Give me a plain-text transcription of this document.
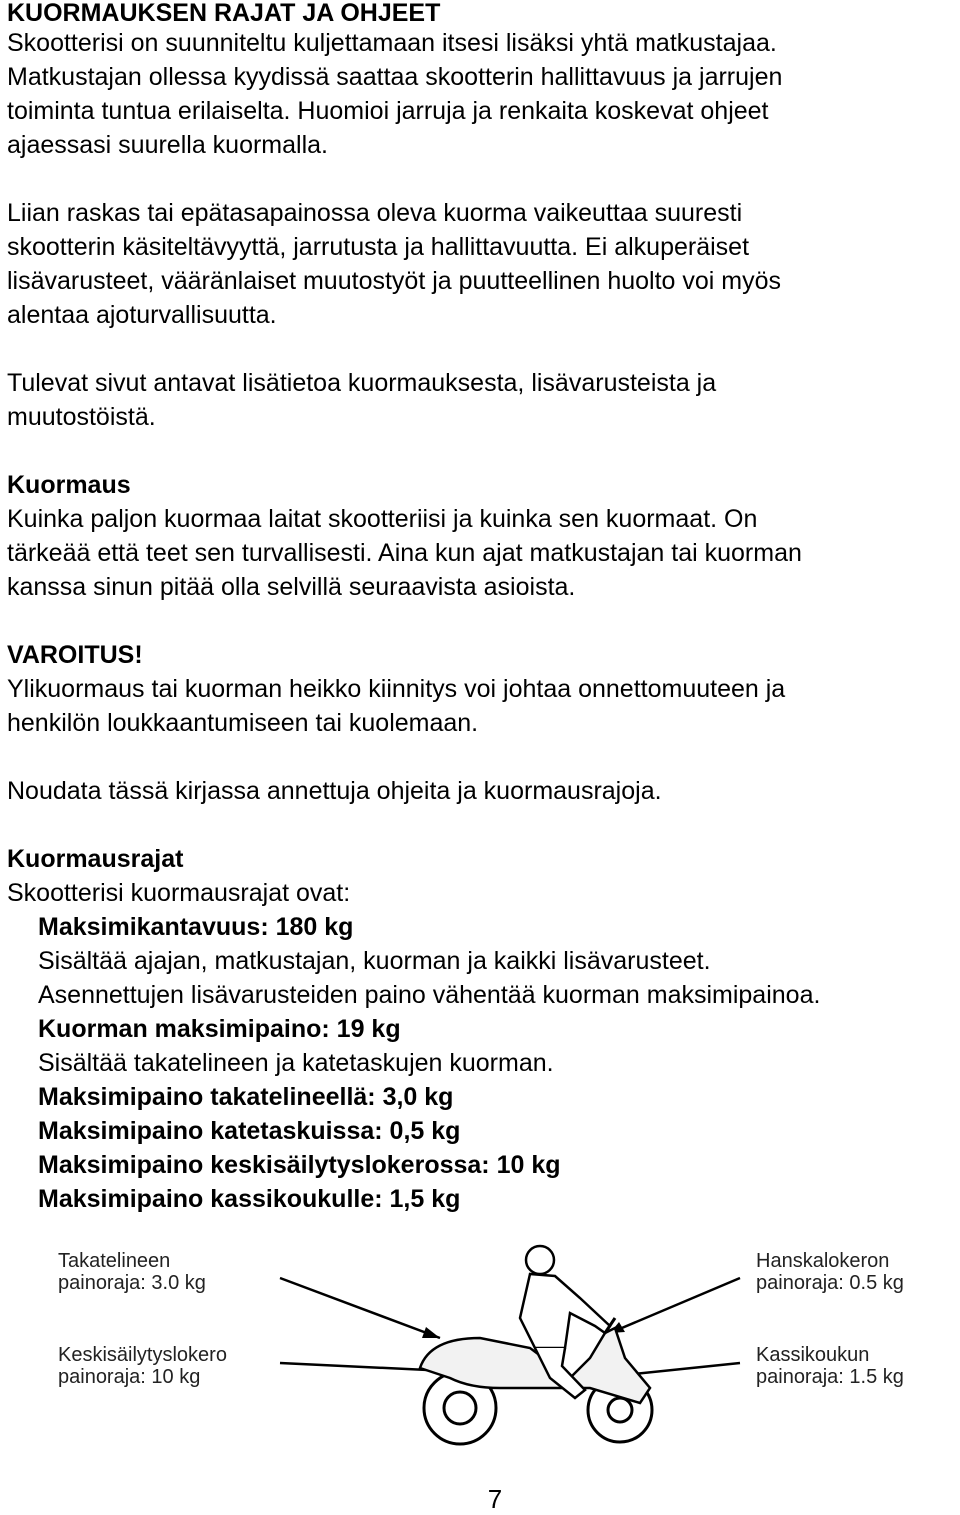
KUORMAUKSEN RAJAT JA OHJEET

Skootterisi on suunniteltu kuljettamaan itsesi lisäksi yhtä matkustajaa.

Matkustajan ollessa kyydissä saattaa skootterin hallittavuus ja jarrujen

toiminta tuntua erilaiselta. Huomioi jarruja ja renkaita koskevat ohjeet

ajaessasi suurella kuormalla.

Liian raskas tai epätasapainossa oleva kuorma vaikeuttaa suuresti

skootterin käsiteltävyyttä, jarrutusta ja hallittavuutta. Ei alkuperäiset

lisävarusteet, vääränlaiset muutostyöt ja puutteellinen huolto voi myös

alentaa ajoturvallisuutta.

Tulevat sivut antavat lisätietoa kuormauksesta, lisävarusteista ja

muutostöistä.

Kuormaus

Kuinka paljon kuormaa laitat skootteriisi ja kuinka sen kuormaat. On

tärkeää että teet sen turvallisesti. Aina kun ajat matkustajan tai kuorman

kanssa sinun pitää olla selvillä seuraavista asioista.

VAROITUS!

Ylikuormaus tai kuorman heikko kiinnitys voi johtaa onnettomuuteen ja

henkilön loukkaantumiseen tai kuolemaan.

Noudata tässä kirjassa annettuja ohjeita ja kuormausrajoja.

Kuormausrajat

Skootterisi kuormausrajat ovat:

Maksimikantavuus: 180 kg

Sisältää ajajan, matkustajan, kuorman ja kaikki lisävarusteet.

Asennettujen lisävarusteiden paino vähentää kuorman maksimipainoa.

Kuorman maksimipaino: 19 kg

Sisältää takatelineen ja katetaskujen kuorman.

Maksimipaino takatelineellä: 3,0 kg

Maksimipaino katetaskuissa: 0,5 kg

Maksimipaino keskisäilytyslokerossa: 10 kg

Maksimipaino kassikoukulle: 1,5 kg

Takatelineen
painoraja: 3.0 kg
Hanskalokeron
painoraja: 0.5 kg
Keskisäilytyslokero
painoraja: 10 kg
Kassikoukun
painoraja: 1.5 kg
7
